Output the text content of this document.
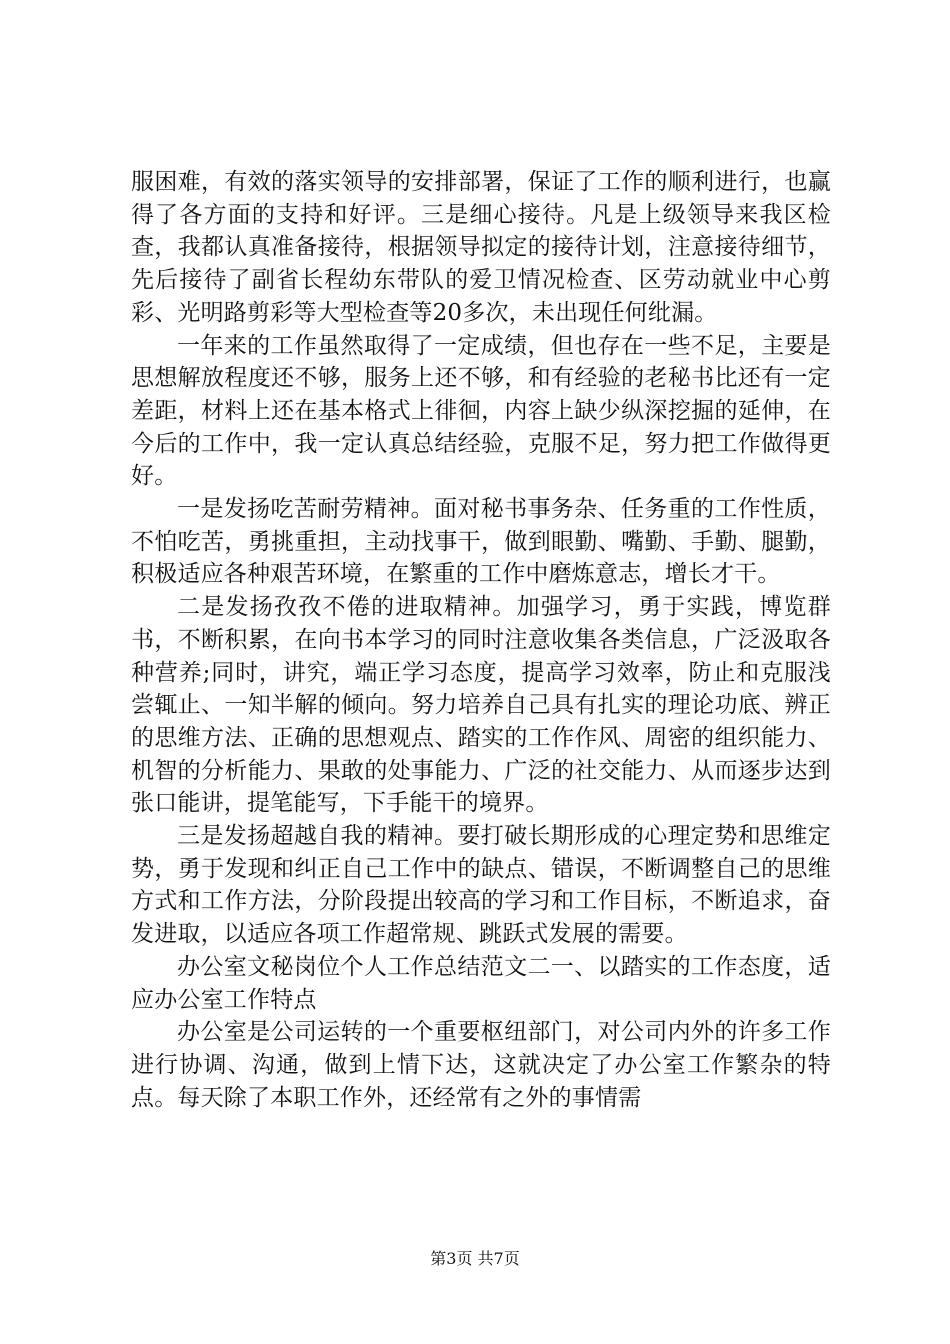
服困难，有效的落实领导的安排部署，保证了工作的顺利进行，也赢得了各方面的支持和好评。三是细心接待。凡是上级领导来我区检查，我都认真准备接待，根据领导拟定的接待计划，注意接待细节，先后接待了副省长程幼东带队的爱卫情况检查、区劳动就业中心剪彩、光明路剪彩等大型检查等20多次，未出现任何纰漏。

一年来的工作虽然取得了一定成绩，但也存在一些不足，主要是思想解放程度还不够，服务上还不够，和有经验的老秘书比还有一定差距，材料上还在基本格式上徘徊，内容上缺少纵深挖掘的延伸，在今后的工作中，我一定认真总结经验，克服不足，努力把工作做得更好。

一是发扬吃苦耐劳精神。面对秘书事务杂、任务重的工作性质，不怕吃苦，勇挑重担，主动找事干，做到眼勤、嘴勤、手勤、腿勤，积极适应各种艰苦环境，在繁重的工作中磨炼意志，增长才干。

二是发扬孜孜不倦的进取精神。加强学习，勇于实践，博览群书，不断积累，在向书本学习的同时注意收集各类信息，广泛汲取各种营养;同时，讲究，端正学习态度，提高学习效率，防止和克服浅尝辄止、一知半解的倾向。努力培养自己具有扎实的理论功底、辨正的思维方法、正确的思想观点、踏实的工作作风、周密的组织能力、机智的分析能力、果敢的处事能力、广泛的社交能力、从而逐步达到张口能讲，提笔能写，下手能干的境界。

三是发扬超越自我的精神。要打破长期形成的心理定势和思维定势，勇于发现和纠正自己工作中的缺点、错误，不断调整自己的思维方式和工作方法，分阶段提出较高的学习和工作目标，不断追求，奋发进取，以适应各项工作超常规、跳跃式发展的需要。

办公室文秘岗位个人工作总结范文二一、以踏实的工作态度，适应办公室工作特点

办公室是公司运转的一个重要枢纽部门，对公司内外的许多工作进行协调、沟通，做到上情下达，这就决定了办公室工作繁杂的特点。每天除了本职工作外，还经常有之外的事情需

第3页 共7页
